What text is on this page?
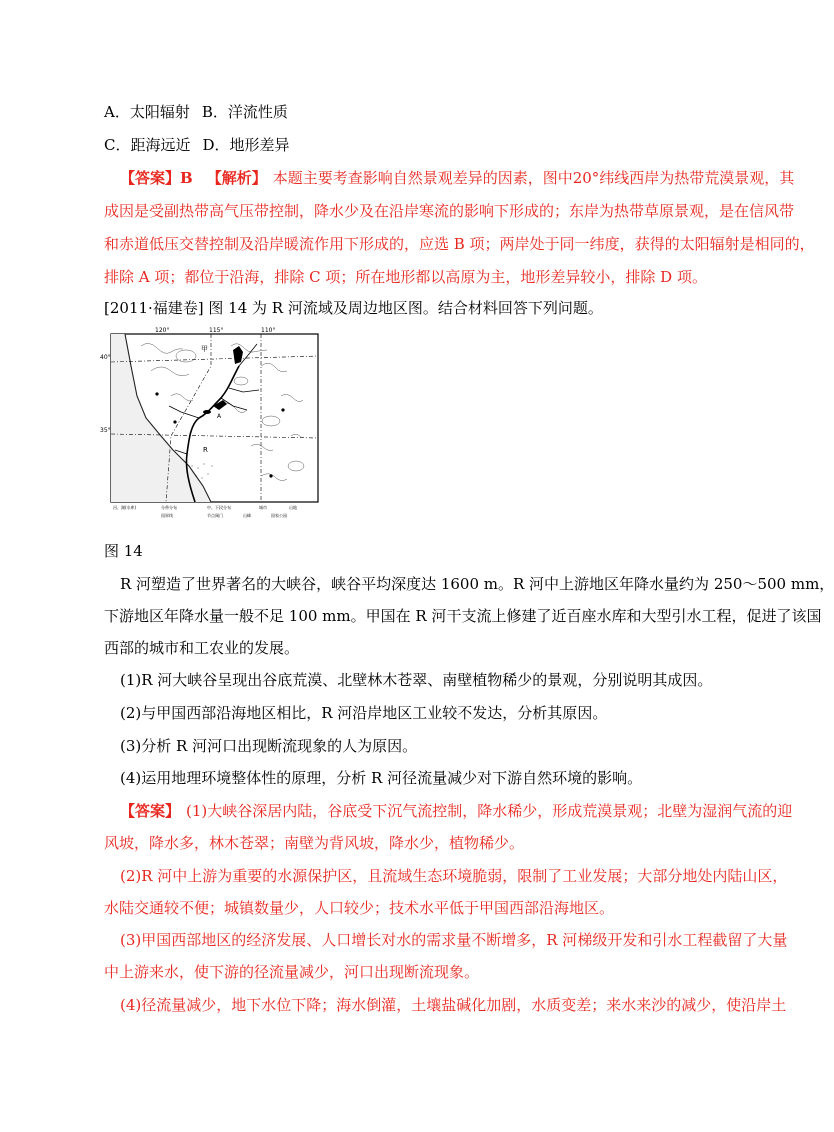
A．太阳辐射 B．洋流性质
C．距海远近 D．地形差异
【答案】B 【解析】 本题主要考查影响自然景观差异的因素，图中20°纬线西岸为热带荒漠景观，其
成因是受副热带高气压带控制，降水少及在沿岸寒流的影响下形成的；东岸为热带草原景观，是在信风带
和赤道低压交替控制及沿岸暖流作用下形成的，应选 B 项；两岸处于同一纬度，获得的太阳辐射是相同的，
排除 A 项；都位于沿海，排除 C 项；所在地形都以高原为主，地形差异较小，排除 D 项。
[2011·福建卷] 图 14 为 R 河流域及周边地区图。结合材料回答下列问题。
120°	115°	110°
40°
35°
甲
R
A
河、湖(水库)	分带分布	中、下段分布	城市	山地
国界线	节点阀门	山峰	国家公园
图 14
R 河塑造了世界著名的大峡谷，峡谷平均深度达 1600 m。R 河中上游地区年降水量约为 250～500 mm，
下游地区年降水量一般不足 100 mm。甲国在 R 河干支流上修建了近百座水库和大型引水工程，促进了该国
西部的城市和工农业的发展。
(1)R 河大峡谷呈现出谷底荒漠、北壁林木苍翠、南壁植物稀少的景观，分别说明其成因。
(2)与甲国西部沿海地区相比，R 河沿岸地区工业较不发达，分析其原因。
(3)分析 R 河河口出现断流现象的人为原因。
(4)运用地理环境整体性的原理，分析 R 河径流量减少对下游自然环境的影响。
【答案】 (1)大峡谷深居内陆，谷底受下沉气流控制，降水稀少，形成荒漠景观；北壁为湿润气流的迎
风坡，降水多，林木苍翠；南壁为背风坡，降水少，植物稀少。
(2)R 河中上游为重要的水源保护区，且流域生态环境脆弱，限制了工业发展；大部分地处内陆山区，
水陆交通较不便；城镇数量少，人口较少；技术水平低于甲国西部沿海地区。
(3)甲国西部地区的经济发展、人口增长对水的需求量不断增多，R 河梯级开发和引水工程截留了大量
中上游来水，使下游的径流量减少，河口出现断流现象。
(4)径流量减少，地下水位下降；海水倒灌，土壤盐碱化加剧，水质变差；来水来沙的减少，使沿岸土
